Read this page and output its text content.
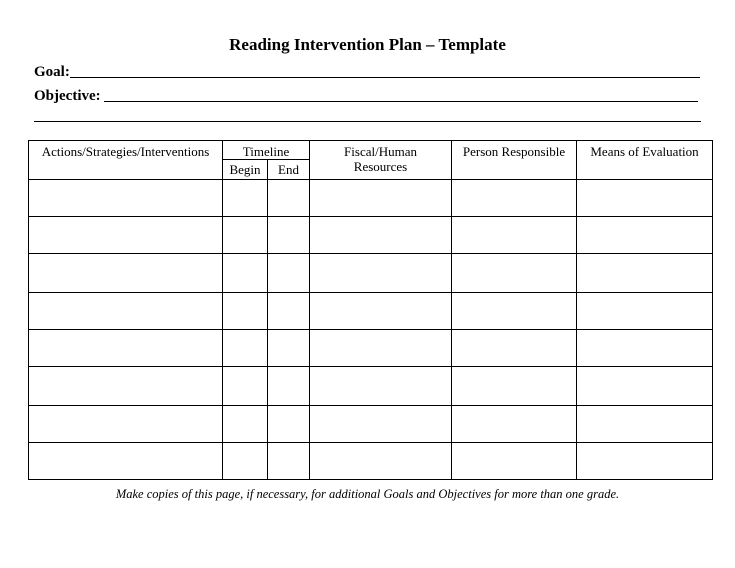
Reading Intervention Plan – Template
Goal:
Objective:
Actions/Strategies/Interventions	Timeline		Fiscal/Human Resources	Person Responsible	Means of Evaluation
	Begin	End			

Make copies of this page, if necessary, for additional Goals and Objectives for more than one grade.
